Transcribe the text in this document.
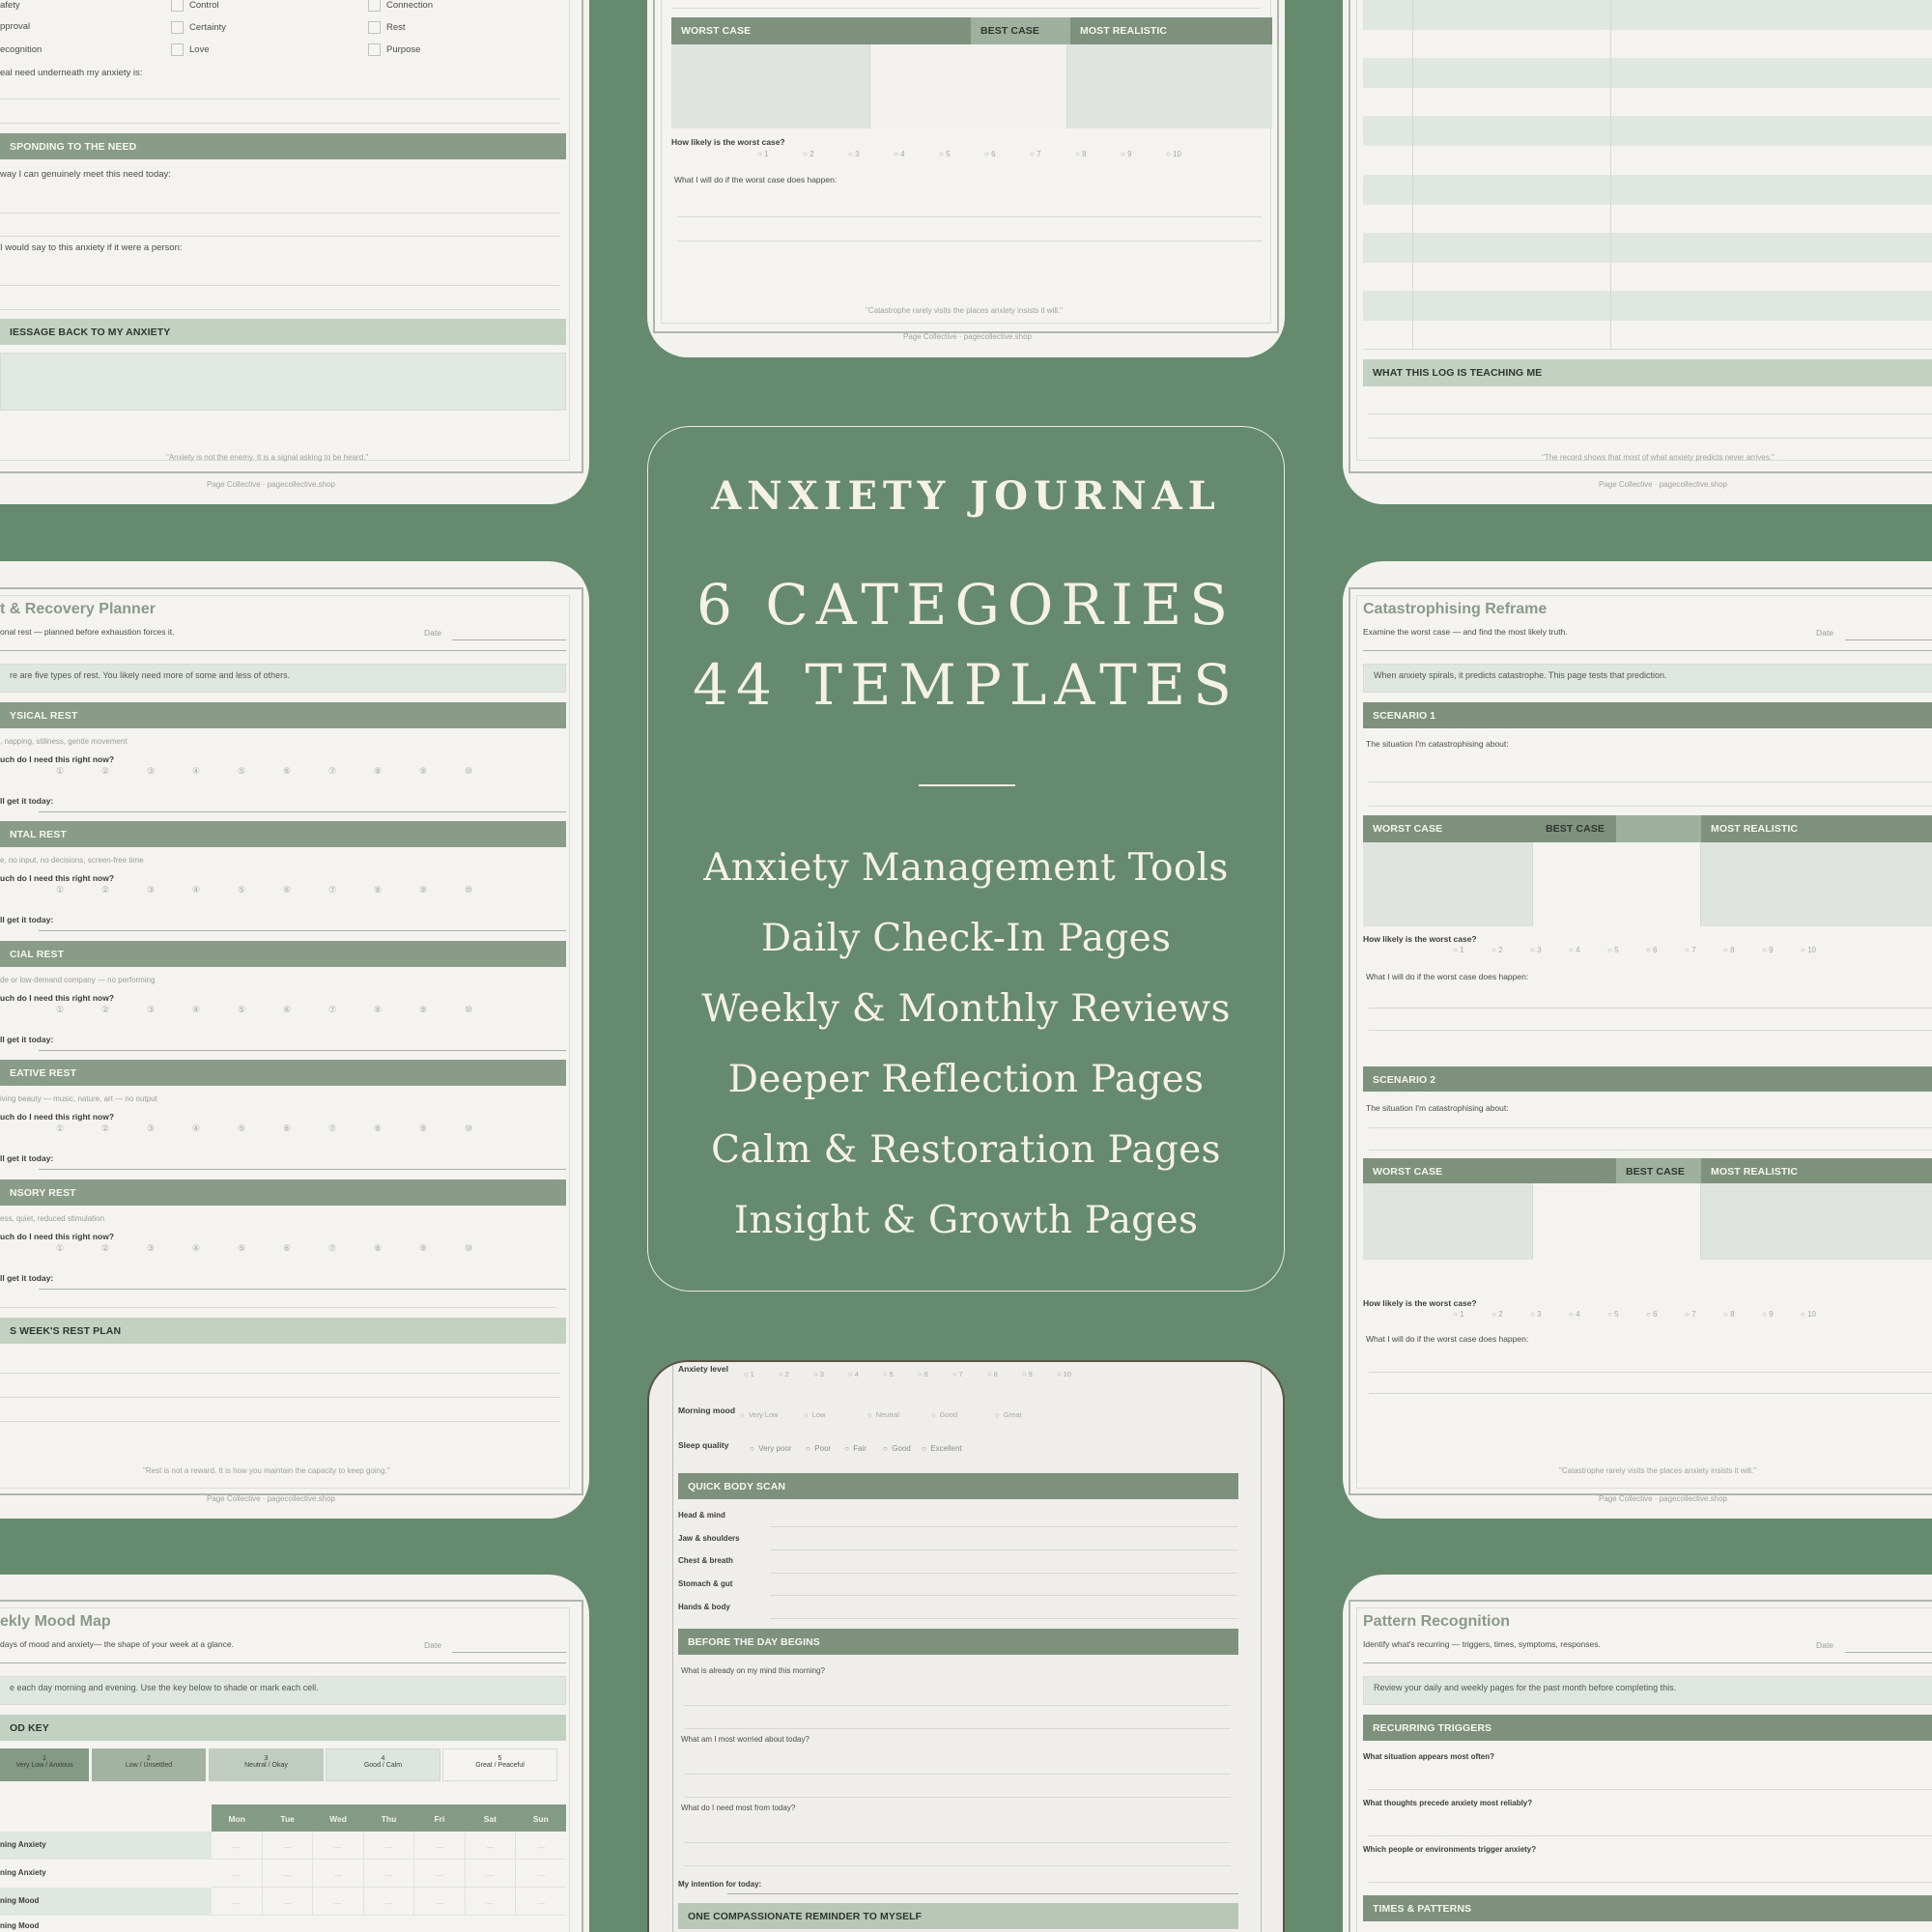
afety	Control	Connection
pproval	Certainty	Rest
ecognition	Love	Purpose
eal need underneath my anxiety is:
SPONDING TO THE NEED
way I can genuinely meet this need today:
I would say to this anxiety if it were a person:
IESSAGE BACK TO MY ANXIETY
"Anxiety is not the enemy. It is a signal asking to be heard."
Page Collective · pagecollective.shop
WORST CASE	BEST CASE	MOST REALISTIC
How likely is the worst case?
○ 1	○ 2	○ 3	○ 4	○ 5	○ 6	○ 7	○ 8	○ 9	○ 10
What I will do if the worst case does happen:
"Catastrophe rarely visits the places anxiety insists it will."
Page Collective · pagecollective.shop
WHAT THIS LOG IS TEACHING ME
"The record shows that most of what anxiety predicts never arrives."
Page Collective · pagecollective.shop
ANXIETY JOURNAL
6 CATEGORIES
44 TEMPLATES
Anxiety Management Tools
Daily Check-In Pages
Weekly & Monthly Reviews
Deeper Reflection Pages
Calm & Restoration Pages
Insight & Growth Pages
t & Recovery Planner
onal rest — planned before exhaustion forces it.	Date
re are five types of rest. You likely need more of some and less of others.
YSICAL REST
, napping, stillness, gentle movement
uch do I need this right now?
①	②	③	④	⑤	⑥	⑦	⑧	⑨	⑩
ll get it today:
NTAL REST
e, no input, no decisions, screen-free time
uch do I need this right now?
①	②	③	④	⑤	⑥	⑦	⑧	⑨	⑩
ll get it today:
CIAL REST
de or low-demand company — no performing
uch do I need this right now?
①	②	③	④	⑤	⑥	⑦	⑧	⑨	⑩
ll get it today:
EATIVE REST
iving beauty — music, nature, art — no output
uch do I need this right now?
①	②	③	④	⑤	⑥	⑦	⑧	⑨	⑩
ll get it today:
NSORY REST
ess, quiet, reduced stimulation
uch do I need this right now?
①	②	③	④	⑤	⑥	⑦	⑧	⑨	⑩
ll get it today:
S WEEK'S REST PLAN
"Rest is not a reward. It is how you maintain the capacity to keep going."
Page Collective · pagecollective.shop
Catastrophising Reframe
Examine the worst case — and find the most likely truth.	Date
When anxiety spirals, it predicts catastrophe. This page tests that prediction.
SCENARIO 1
The situation I'm catastrophising about:
WORST CASE	BEST CASE	MOST REALISTIC
How likely is the worst case?
○ 1	○ 2	○ 3	○ 4	○ 5	○ 6	○ 7	○ 8	○ 9	○ 10
What I will do if the worst case does happen:
SCENARIO 2
The situation I'm catastrophising about:
WORST CASE	BEST CASE	MOST REALISTIC
How likely is the worst case?
○ 1	○ 2	○ 3	○ 4	○ 5	○ 6	○ 7	○ 8	○ 9	○ 10
What I will do if the worst case does happen:
"Catastrophe rarely visits the places anxiety insists it will."
Page Collective · pagecollective.shop
ekly Mood Map
days of mood and anxiety— the shape of your week at a glance.	Date
e each day morning and evening. Use the key below to shade or mark each cell.
OD KEY
1
Very Low / Anxious
2
Low / Unsettled
3
Neutral / Okay
4
Good / Calm
5
Great / Peaceful
Mon	Tue	Wed	Thu	Fri	Sat	Sun
ning Anxiety	—	—	—	—	—	—	—
ning Anxiety	—	—	—	—	—	—	—
ning Mood	—	—	—	—	—	—	—
ning Mood
Anxiety level
○ 1	○ 2	○ 3	○ 4	○ 5	○ 6	○ 7	○ 8	○ 9	○ 10
Morning mood ○  Very Low	○  Low	○  Neutral	○  Good	○  Great
Sleep quality	○  Very poor	○  Poor	○  Fair	○  Good	○  Excellent
QUICK BODY SCAN
Head & mind
Jaw & shoulders
Chest & breath
Stomach & gut
Hands & body
BEFORE THE DAY BEGINS
What is already on my mind this morning?
What am I most worried about today?
What do I need most from today?
My intention for today:
ONE COMPASSIONATE REMINDER TO MYSELF
Pattern Recognition
Identify what's recurring — triggers, times, symptoms, responses.	Date
Review your daily and weekly pages for the past month before completing this.
RECURRING TRIGGERS
What situation appears most often?
What thoughts precede anxiety most reliably?
Which people or environments trigger anxiety?
TIMES & PATTERNS
